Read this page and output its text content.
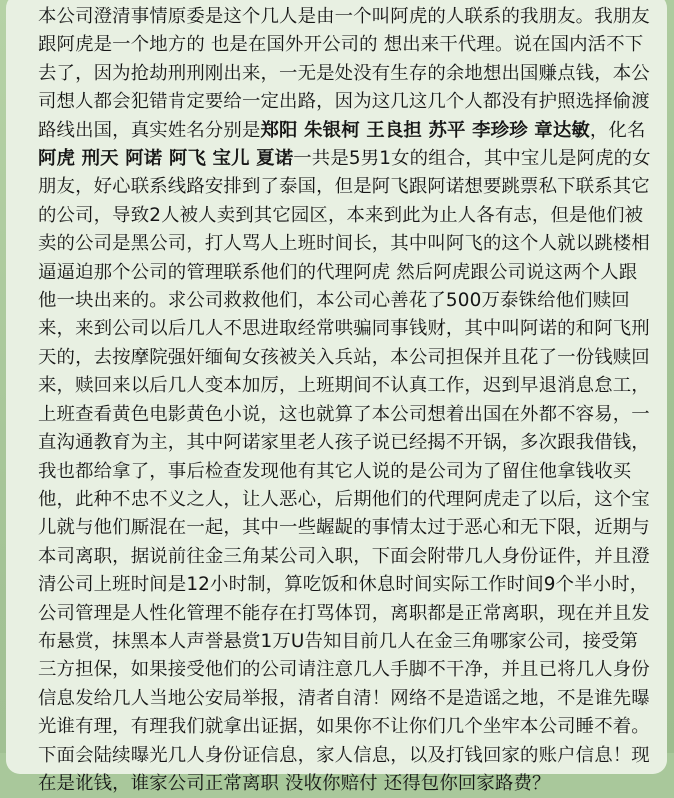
本公司澄清事情原委是这个几人是由一个叫阿虎的人联系的我朋友。我朋友跟阿虎是一个地方的 也是在国外开公司的 想出来干代理。说在国内活不下去了，因为抢劫刑刑刚出来，一无是处没有生存的余地想出国赚点钱，本公司想人都会犯错肯定要给一定出路，因为这几这几个人都没有护照选择偷渡路线出国，真实姓名分别是郑阳 朱银柯 王良担 苏平 李珍珍 章达敏，化名阿虎 刑天 阿诺 阿飞 宝儿 夏诺一共是5男1女的组合，其中宝儿是阿虎的女朋友，好心联系线路安排到了泰国，但是阿飞跟阿诺想要跳票私下联系其它的公司，导致2人被人卖到其它园区，本来到此为止人各有志，但是他们被卖的公司是黑公司，打人骂人上班时间长，其中叫阿飞的这个人就以跳楼相逼逼迫那个公司的管理联系他们的代理阿虎 然后阿虎跟公司说这两个人跟他一块出来的。求公司救救他们，本公司心善花了500万泰铢给他们赎回来，来到公司以后几人不思进取经常哄骗同事钱财，其中叫阿诺的和阿飞刑天的，去按摩院强奸缅甸女孩被关入兵站，本公司担保并且花了一份钱赎回来，赎回来以后几人变本加厉，上班期间不认真工作，迟到早退消息怠工，上班查看黄色电影黄色小说，这也就算了本公司想着出国在外都不容易，一直沟通教育为主，其中阿诺家里老人孩子说已经揭不开锅，多次跟我借钱，我也都给拿了，事后检查发现他有其它人说的是公司为了留住他拿钱收买他，此种不忠不义之人，让人恶心，后期他们的代理阿虎走了以后，这个宝儿就与他们厮混在一起，其中一些龌龊的事情太过于恶心和无下限，近期与本司离职，据说前往金三角某公司入职，下面会附带几人身份证件，并且澄清公司上班时间是12小时制，算吃饭和休息时间实际工作时间9个半小时，公司管理是人性化管理不能存在打骂体罚，离职都是正常离职，现在并且发布悬赏，抹黑本人声誉悬赏1万U告知目前几人在金三角哪家公司，接受第三方担保，如果接受他们的公司请注意几人手脚不干净，并且已将几人身份信息发给几人当地公安局举报，清者自清！网络不是造谣之地，不是谁先曝光谁有理，有理我们就拿出证据，如果你不让你们几个坐牢本公司睡不着。下面会陆续曝光几人身份证信息，家人信息，以及打钱回家的账户信息！现在是讹钱，谁家公司正常离职 没收你赔付 还得包你回家路费？
